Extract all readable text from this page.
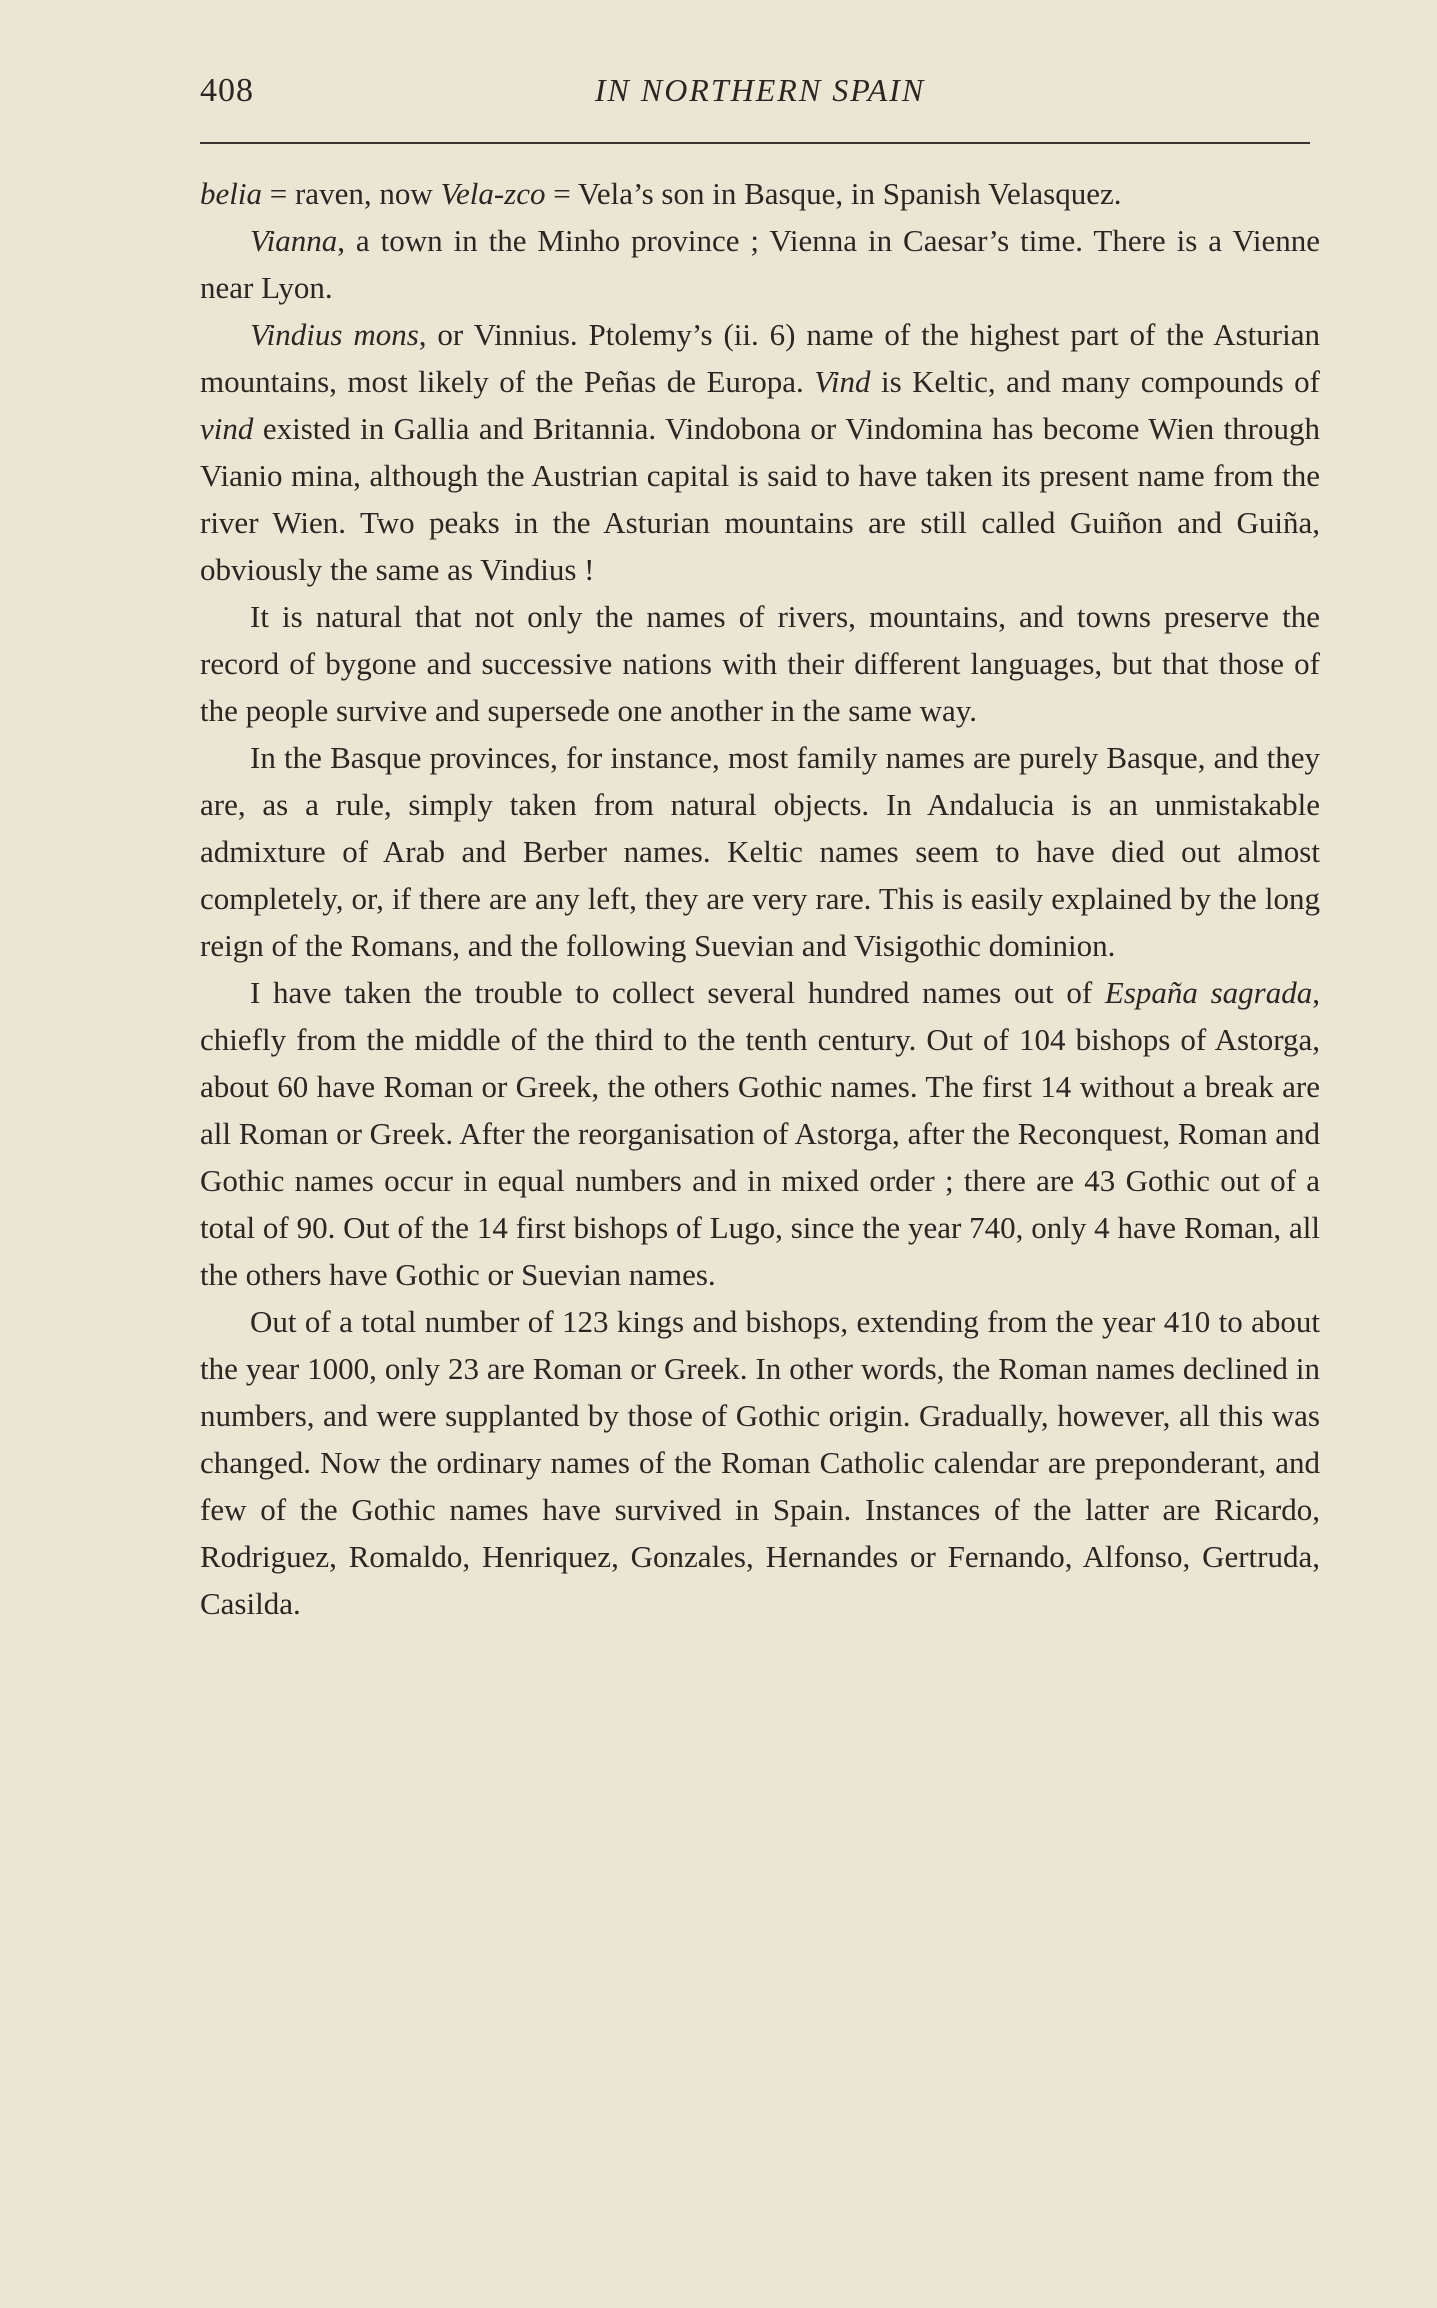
408	IN NORTHERN SPAIN

belia = raven, now Vela-zco = Vela’s son in Basque, in Spanish Velasquez.

Vianna, a town in the Minho province ; Vienna in Caesar’s time. There is a Vienne near Lyon.

Vindius mons, or Vinnius. Ptolemy’s (ii. 6) name of the highest part of the Asturian mountains, most likely of the Peñas de Europa. Vind is Keltic, and many compounds of vind existed in Gallia and Britannia. Vindobona or Vindomina has become Wien through Vianio mina, although the Austrian capital is said to have taken its present name from the river Wien. Two peaks in the Asturian mountains are still called Guiñon and Guiña, obviously the same as Vindius !

It is natural that not only the names of rivers, mountains, and towns preserve the record of bygone and successive nations with their different languages, but that those of the people survive and supersede one another in the same way.

In the Basque provinces, for instance, most family names are purely Basque, and they are, as a rule, simply taken from natural objects. In Andalucia is an unmistakable admixture of Arab and Berber names. Keltic names seem to have died out almost completely, or, if there are any left, they are very rare. This is easily explained by the long reign of the Romans, and the following Suevian and Visigothic dominion.

I have taken the trouble to collect several hundred names out of España sagrada, chiefly from the middle of the third to the tenth century. Out of 104 bishops of Astorga, about 60 have Roman or Greek, the others Gothic names. The first 14 without a break are all Roman or Greek. After the reorganisation of Astorga, after the Reconquest, Roman and Gothic names occur in equal numbers and in mixed order ; there are 43 Gothic out of a total of 90. Out of the 14 first bishops of Lugo, since the year 740, only 4 have Roman, all the others have Gothic or Suevian names.

Out of a total number of 123 kings and bishops, extending from the year 410 to about the year 1000, only 23 are Roman or Greek. In other words, the Roman names declined in numbers, and were supplanted by those of Gothic origin. Gradually, however, all this was changed. Now the ordinary names of the Roman Catholic calendar are preponderant, and few of the Gothic names have survived in Spain. Instances of the latter are Ricardo, Rodriguez, Romaldo, Henriquez, Gonzales, Hernandes or Fernando, Alfonso, Gertruda, Casilda.
